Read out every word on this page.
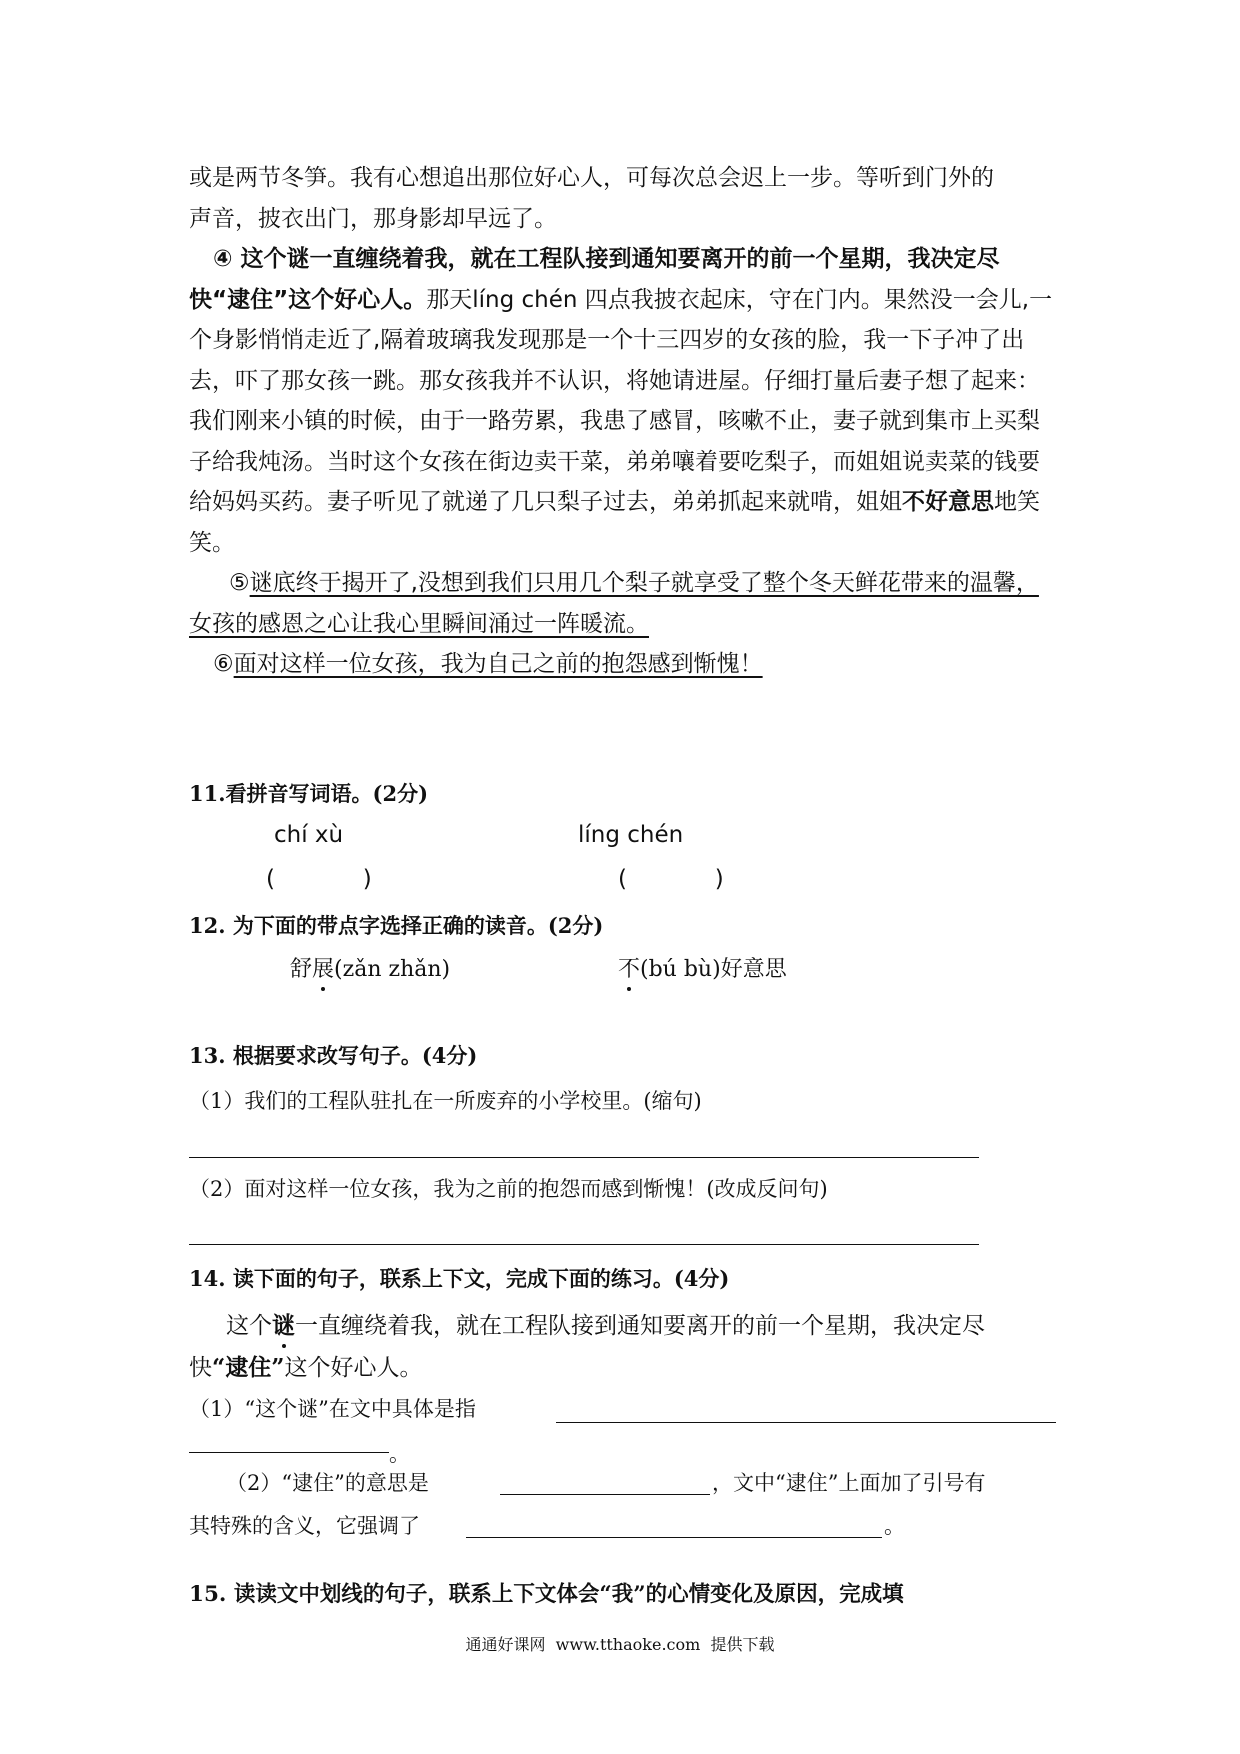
或是两节冬笋。我有心想追出那位好心人，可每次总会迟上一步。等听到门外的
声音，披衣出门，那身影却早远了。

④ 这个谜一直缠绕着我，就在工程队接到通知要离开的前一个星期，我决定尽快“逮住”这个好心人。那天líng chén 四点我披衣起床，守在门内。果然没一会儿,一个身影悄悄走近了,隔着玻璃我发现那是一个十三四岁的女孩的脸，我一下子冲了出去，吓了那女孩一跳。那女孩我并不认识，将她请进屋。仔细打量后妻子想了起来：我们刚来小镇的时候，由于一路劳累，我患了感冒，咳嗽不止，妻子就到集市上买梨子给我炖汤。当时这个女孩在街边卖干菜，弟弟嚷着要吃梨子，而姐姐说卖菜的钱要给妈妈买药。妻子听见了就递了几只梨子过去，弟弟抓起来就啃，姐姐不好意思地笑笑。

⑤谜底终于揭开了,没想到我们只用几个梨子就享受了整个冬天鲜花带来的温馨，女孩的感恩之心让我心里瞬间涌过一阵暖流。

⑥面对这样一位女孩，我为自己之前的抱怨感到惭愧！

11.看拼音写词语。(2分)
chí xù	líng chén
(            )	(            )
12. 为下面的带点字选择正确的读音。(2分)
舒展(zǎn zhǎn)	不(bú bù)好意思
13. 根据要求改写句子。(4分)
（1）我们的工程队驻扎在一所废弃的小学校里。(缩句)
（2）面对这样一位女孩，我为之前的抱怨而感到惭愧！(改成反问句)
14. 读下面的句子，联系上下文，完成下面的练习。(4分)
这个谜一直缠绕着我，就在工程队接到通知要离开的前一个星期，我决定尽
快“逮住”这个好心人。
（1）“这个谜”在文中具体是指
。
（2）“逮住”的意思是	，文中“逮住”上面加了引号有
其特殊的含义，它强调了	。
15. 读读文中划线的句子，联系上下文体会“我”的心情变化及原因，完成填
通通好课网  www.tthaoke.com  提供下载
